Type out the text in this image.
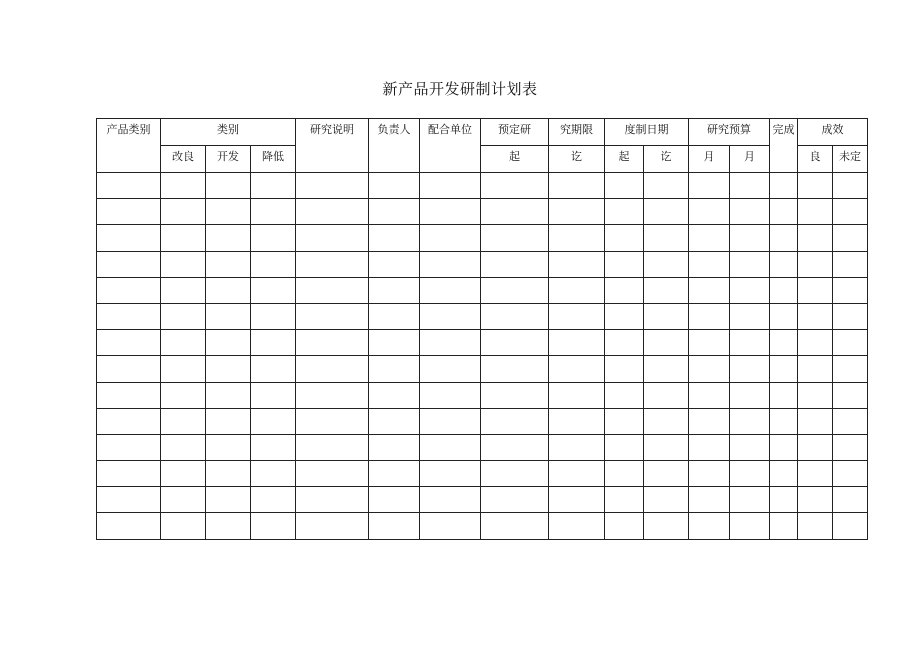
新产品开发研制计划表
产品类别	类别			研究说明	负责人	配合单位	预定研	究期限	度制日期		研究预算		完成	成效	
	改良	开发	降低				起	讫	起	讫	月	月		良	未定
